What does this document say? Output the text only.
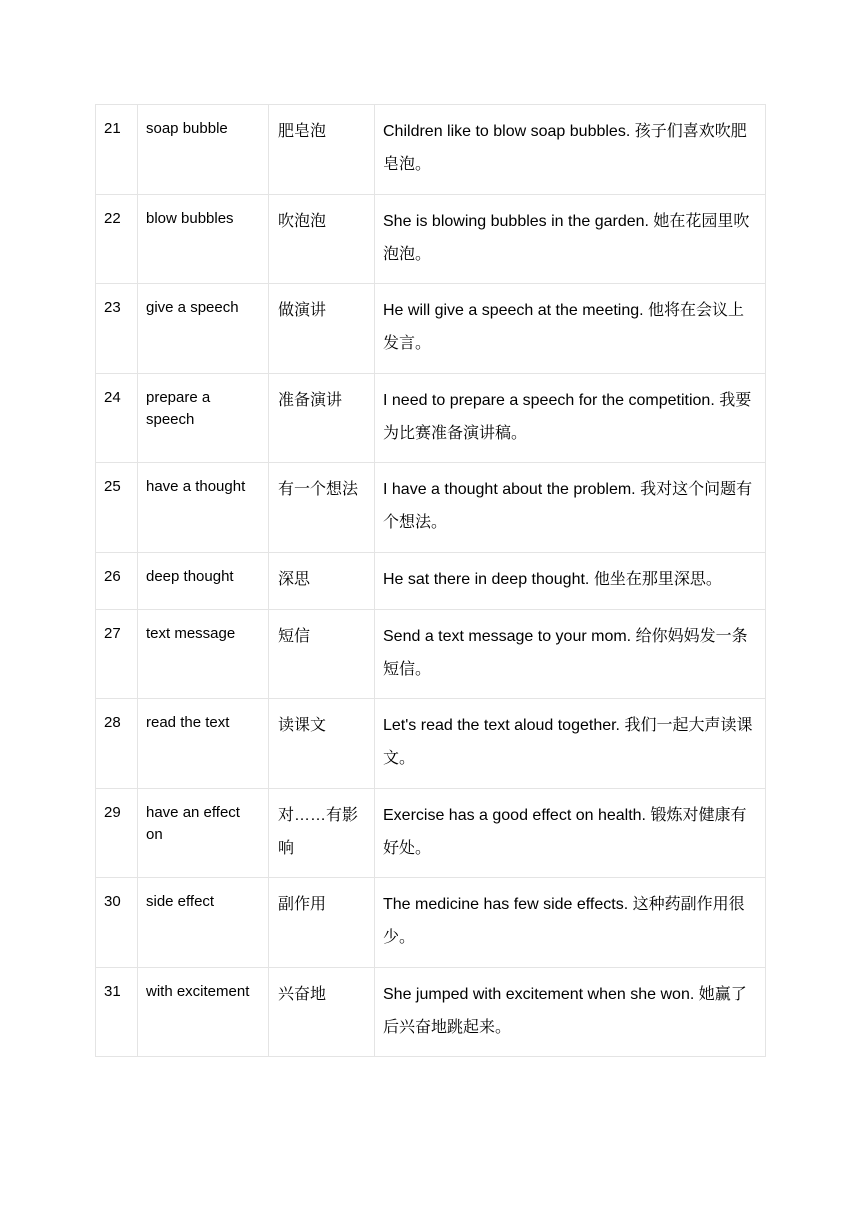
21	soap bubble	肥皂泡	Children like to blow soap bubbles. 孩子们喜欢吹肥皂泡。
22	blow bubbles	吹泡泡	She is blowing bubbles in the garden. 她在花园里吹泡泡。
23	give a speech	做演讲	He will give a speech at the meeting. 他将在会议上发言。
24	prepare a speech	准备演讲	I need to prepare a speech for the competition. 我要为比赛准备演讲稿。
25	have a thought	有一个想法	I have a thought about the problem. 我对这个问题有个想法。
26	deep thought	深思	He sat there in deep thought. 他坐在那里深思。
27	text message	短信	Send a text message to your mom. 给你妈妈发一条短信。
28	read the text	读课文	Let's read the text aloud together. 我们一起大声读课文。
29	have an effect on	对……有影响	Exercise has a good effect on health. 锻炼对健康有好处。
30	side effect	副作用	The medicine has few side effects. 这种药副作用很少。
31	with excitement	兴奋地	She jumped with excitement when she won. 她赢了后兴奋地跳起来。
